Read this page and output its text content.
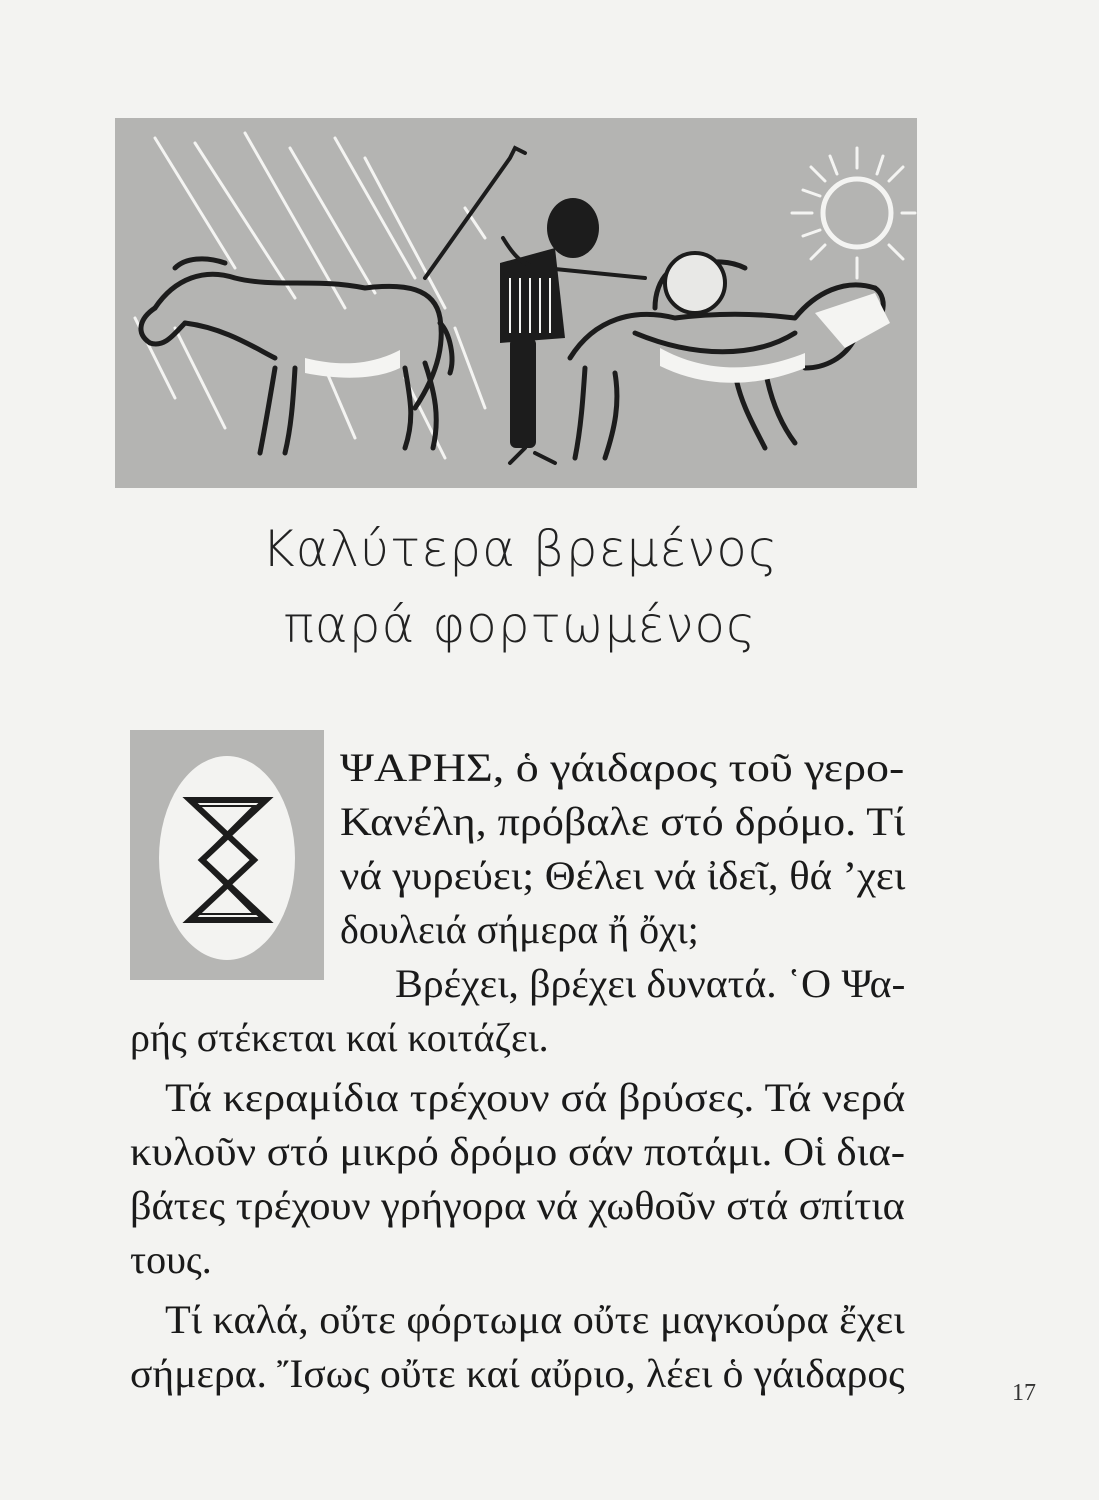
Καλύτερα βρεμένος
παρά φορτωμένος
ΨΑΡΗΣ, ὁ γάιδαρος τοῦ γερο-
Κανέλη, πρόβαλε στό δρόμο. Τί
νά γυρεύει; Θέλει νά ἰδεῖ, θά ’χει
δουλειά σήμερα ἤ ὄχι;
Βρέχει, βρέχει δυνατά. ῾Ο Ψα-
ρής στέκεται καί κοιτάζει.
Τά κεραμίδια τρέχουν σά βρύσες. Τά νερά
κυλοῦν στό μικρό δρόμο σάν ποτάμι. Οἱ δια-
βάτες τρέχουν γρήγορα νά χωθοῦν στά σπίτια
τους.
Τί καλά, οὔτε φόρτωμα οὔτε μαγκούρα ἔχει
σήμερα. Ἴσως οὔτε καί αὔριο, λέει ὁ γάιδαρος	17
